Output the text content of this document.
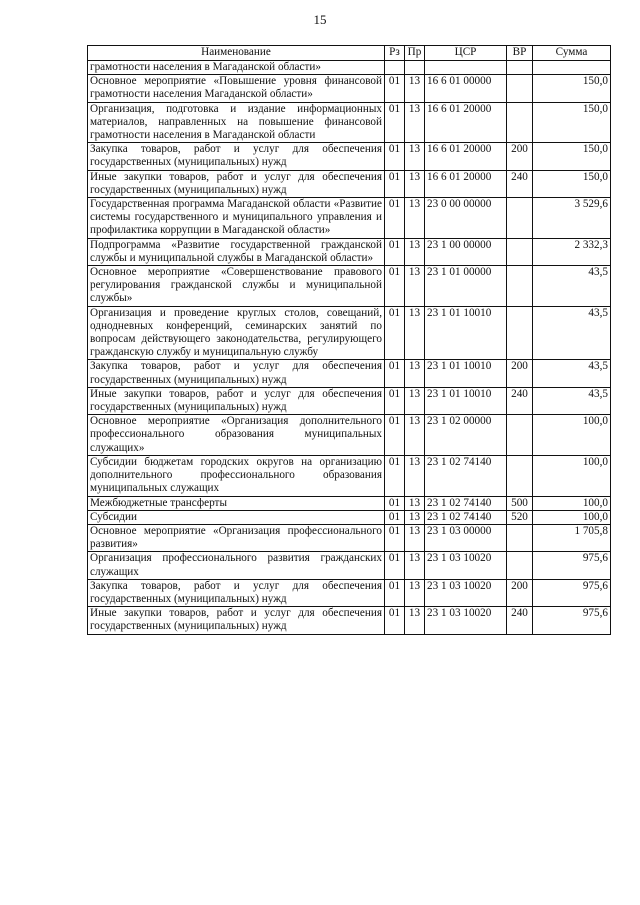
15
Наименование	Рз	Пр	ЦСР	ВР	Сумма
грамотности населения в Магаданской области»					
Основное мероприятие «Повышение уровня финансовой грамотности населения Магаданской области»	01	13	16 6 01 00000		150,0
Организация, подготовка и издание информационных материалов, направленных на повышение финансовой грамотности населения в Магаданской области	01	13	16 6 01 20000		150,0
Закупка товаров, работ и услуг для обеспечения государственных (муниципальных) нужд	01	13	16 6 01 20000	200	150,0
Иные закупки товаров, работ и услуг для обеспечения государственных (муниципальных) нужд	01	13	16 6 01 20000	240	150,0
Государственная программа Магаданской области «Развитие системы государственного и муниципального управления и профилактика коррупции в Магаданской области»	01	13	23 0 00 00000		3 529,6
Подпрограмма «Развитие государственной гражданской службы и муниципальной службы в Магаданской области»	01	13	23 1 00 00000		2 332,3
Основное мероприятие «Совершенствование правового регулирования гражданской службы и муниципальной службы»	01	13	23 1 01 00000		43,5
Организация и проведение круглых столов, совещаний, однодневных конференций, семинарских занятий по вопросам действующего законодательства, регулирующего гражданскую службу и муниципальную службу	01	13	23 1 01 10010		43,5
Закупка товаров, работ и услуг для обеспечения государственных (муниципальных) нужд	01	13	23 1 01 10010	200	43,5
Иные закупки товаров, работ и услуг для обеспечения государственных (муниципальных) нужд	01	13	23 1 01 10010	240	43,5
Основное мероприятие «Организация дополнительного профессионального образования муниципальных служащих»	01	13	23 1 02 00000		100,0
Субсидии бюджетам городских округов на организацию дополнительного профессионального образования муниципальных служащих	01	13	23 1 02 74140		100,0
Межбюджетные трансферты	01	13	23 1 02 74140	500	100,0
Субсидии	01	13	23 1 02 74140	520	100,0
Основное мероприятие «Организация профессионального развития»	01	13	23 1 03 00000		1 705,8
Организация профессионального развития гражданских служащих	01	13	23 1 03 10020		975,6
Закупка товаров, работ и услуг для обеспечения государственных (муниципальных) нужд	01	13	23 1 03 10020	200	975,6
Иные закупки товаров, работ и услуг для обеспечения государственных (муниципальных) нужд	01	13	23 1 03 10020	240	975,6
